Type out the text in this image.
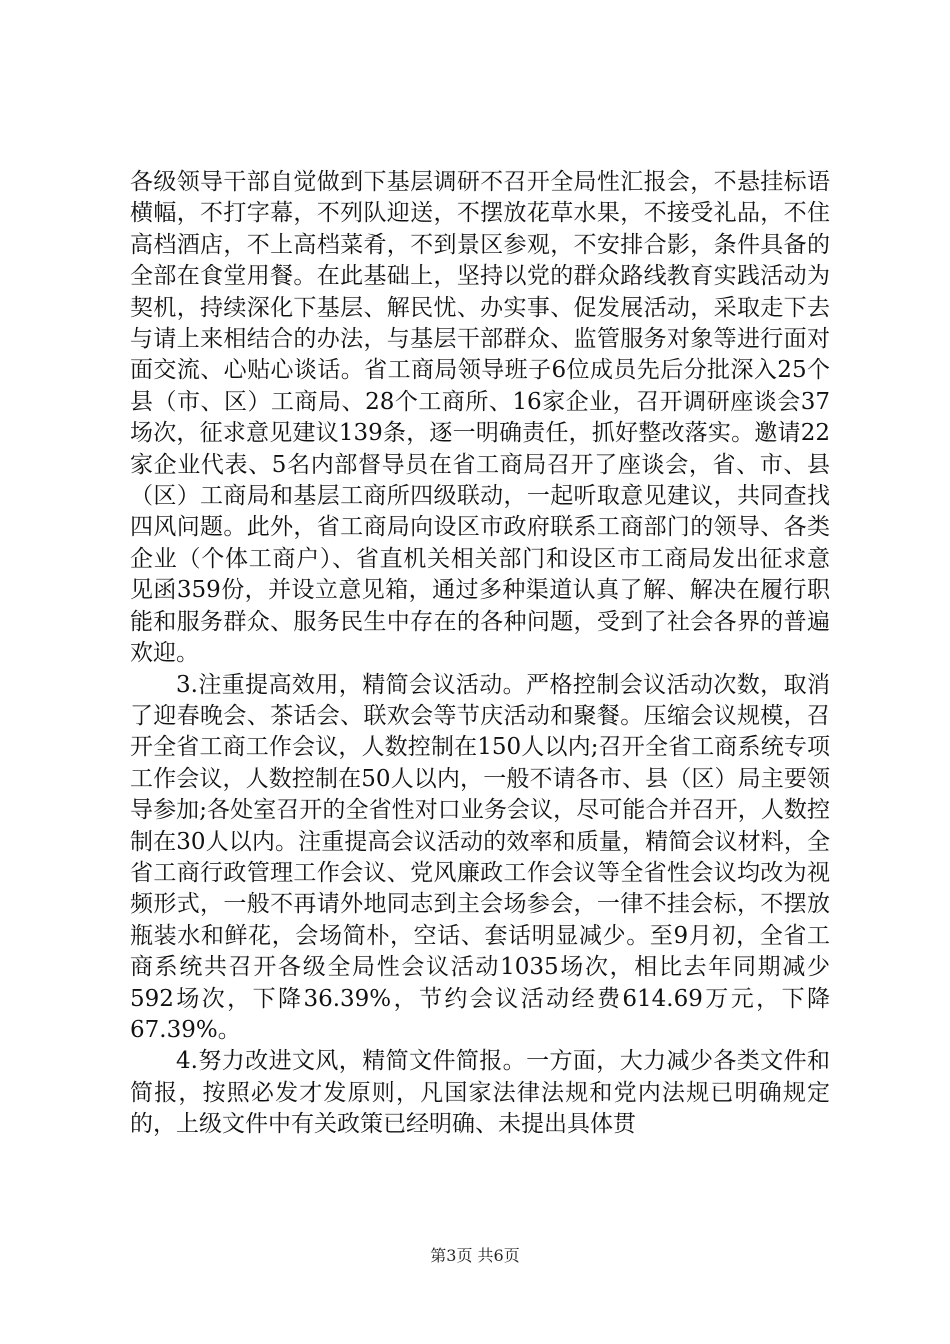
各级领导干部自觉做到下基层调研不召开全局性汇报会，不悬挂标语横幅，不打字幕，不列队迎送，不摆放花草水果，不接受礼品，不住高档酒店，不上高档菜肴，不到景区参观，不安排合影，条件具备的全部在食堂用餐。在此基础上，坚持以党的群众路线教育实践活动为契机，持续深化下基层、解民忧、办实事、促发展活动，采取走下去与请上来相结合的办法，与基层干部群众、监管服务对象等进行面对面交流、心贴心谈话。省工商局领导班子6位成员先后分批深入25个县（市、区）工商局、28个工商所、16家企业，召开调研座谈会37场次，征求意见建议139条，逐一明确责任，抓好整改落实。邀请22家企业代表、5名内部督导员在省工商局召开了座谈会，省、市、县（区）工商局和基层工商所四级联动，一起听取意见建议，共同查找四风问题。此外，省工商局向设区市政府联系工商部门的领导、各类企业（个体工商户）、省直机关相关部门和设区市工商局发出征求意见函359份，并设立意见箱，通过多种渠道认真了解、解决在履行职能和服务群众、服务民生中存在的各种问题，受到了社会各界的普遍欢迎。

3.注重提高效用，精简会议活动。严格控制会议活动次数，取消了迎春晚会、茶话会、联欢会等节庆活动和聚餐。压缩会议规模，召开全省工商工作会议，人数控制在150人以内;召开全省工商系统专项工作会议，人数控制在50人以内，一般不请各市、县（区）局主要领导参加;各处室召开的全省性对口业务会议，尽可能合并召开，人数控制在30人以内。注重提高会议活动的效率和质量，精简会议材料，全省工商行政管理工作会议、党风廉政工作会议等全省性会议均改为视频形式，一般不再请外地同志到主会场参会，一律不挂会标，不摆放瓶装水和鲜花，会场简朴，空话、套话明显减少。至9月初，全省工商系统共召开各级全局性会议活动1035场次，相比去年同期减少592场次，下降36.39%，节约会议活动经费614.69万元，下降67.39%。

4.努力改进文风，精简文件简报。一方面，大力减少各类文件和简报，按照必发才发原则，凡国家法律法规和党内法规已明确规定的，上级文件中有关政策已经明确、未提出具体贯

第3页 共6页
